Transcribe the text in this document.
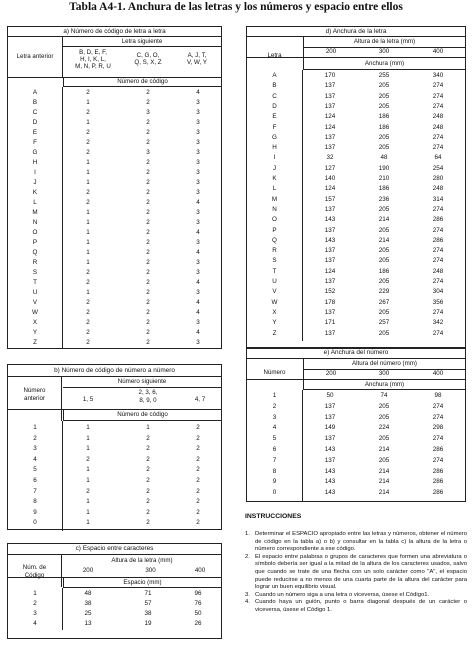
Tabla A4-1. Anchura de las letras y los números y espacio entre ellos
a) Número de código de letra a letra
Letra anterior
Letra siguiente
B, D, E, F,
H, I, K, L,
M, N, P, R, U
C, G, O,
Q, S, X, Z
A, J, T,
V, W, Y
Número de código
A	2	2	4
B	1	2	3
C	2	3	3
D	1	2	3
E	2	2	3
F	2	2	3
G	2	3	3
H	1	2	3
I	1	2	3
J	1	2	3
K	2	2	3
L	2	2	4
M	1	2	3
N	1	2	3
O	1	2	4
P	1	2	3
Q	1	2	4
R	1	2	3
S	2	2	3
T	2	2	4
U	1	2	3
V	2	2	4
W	2	2	4
X	2	2	3
Y	2	2	4
Z	2	2	3
d) Anchura de la letra
Letra
Altura de la letra (mm)
200	300	400
Anchura (mm)
A	170	255	340
B	137	205	274
C	137	205	274
D	137	205	274
E	124	186	248
F	124	186	248
G	137	205	274
H	137	205	274
I	32	48	64
J	127	190	254
K	140	210	280
L	124	186	248
M	157	236	314
N	137	205	274
O	143	214	286
P	137	205	274
Q	143	214	286
R	137	205	274
S	137	205	274
T	124	186	248
U	137	205	274
V	152	229	304
W	178	267	356
X	137	205	274
Y	171	257	342
Z	137	205	274
b) Número de código de número a número
Número
anterior
Número siguiente
1, 5
2, 3, 6,
8, 9, 0	4, 7
Número de código
1	1	1	2
2	1	2	2
3	1	2	2
4	2	2	2
5	1	2	2
6	1	2	2
7	2	2	2
8	1	2	2
9	1	2	2
0	1	2	2
e) Anchura del número
Número
Altura del número (mm)
200	300	400
Anchura (mm)
1	50	74	98
2	137	205	274
3	137	205	274
4	149	224	298
5	137	205	274
6	143	214	286
7	137	205	274
8	143	214	286
9	143	214	286
0	143	214	286
c) Espacio entre caracteres
Núm. de
Código
Altura de la letra (mm)
200	300	400
Espacio (mm)
1	48	71	96
2	38	57	76
3	25	38	50
4	13	19	26
INSTRUCCIONES
1. Determinar el ESPACIO apropiado entre las letras y números, obtener el número de código en la tabla a) o b) y consultar en la tabla c) la altura de la letra o número correspondiente a ese código.
2. El espacio entre palabras o grupos de caracteres que formen una abreviatura o símbolo debería ser igual a la mitad de la altura de los caracteres usados, salvo que cuando se trate de una flecha con un solo carácter como "A", el espacio puede reducirse a no menos de una cuarta parte de la altura del carácter para lograr un buen equilibrio visual.
3. Cuando un número siga a una letra o viceversa, úsese el Código1.
4. Cuando haya un guión, punto o barra diagonal después de un carácter o viceversa, úsese el Código 1.
